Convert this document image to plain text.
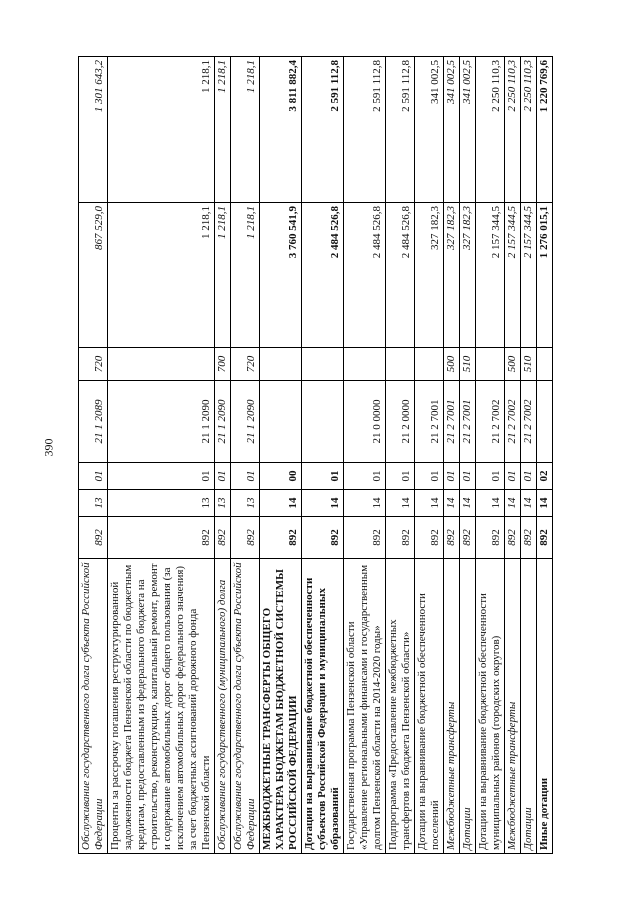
390
Обслуживание государственного долга субъекта Российской Федерации	892	13	01	21 1 2089	720	867 529,0	1 301 643,2
Проценты за рассрочку погашения реструктурированной задолженности бюджета Пензенской области по бюджетным кредитам, предоставленным из федерального бюджета на строительство, реконструкцию, капитальный ремонт, ремонт и содержание автомобильных дорог общего пользования (за исключением автомобильных дорог федерального значения) за счет бюджетных ассигнований дорожного фонда Пензенской области	892	13	01	21 1 2090		1 218,1	1 218,1
Обслуживание государственного (муниципального) долга	892	13	01	21 1 2090	700	1 218,1	1 218,1
Обслуживание государственного долга субъекта Российской Федерации	892	13	01	21 1 2090	720	1 218,1	1 218,1
МЕЖБЮДЖЕТНЫЕ ТРАНСФЕРТЫ ОБЩЕГО ХАРАКТЕРА БЮДЖЕТАМ БЮДЖЕТНОЙ СИСТЕМЫ РОССИЙСКОЙ ФЕДЕРАЦИИ	892	14	00			3 760 541,9	3 811 882,4
Дотации на выравнивание бюджетной обеспеченности субъектов Российской Федерации и муниципальных образований	892	14	01			2 484 526,8	2 591 112,8
Государственная программа Пензенской области «Управление региональными финансами и государственным долгом Пензенской области на 2014-2020 годы»	892	14	01	21 0 0000		2 484 526,8	2 591 112,8
Подпрограмма «Предоставление межбюджетных трансфертов из бюджета Пензенской области»	892	14	01	21 2 0000		2 484 526,8	2 591 112,8
Дотации на выравнивание бюджетной обеспеченности поселений	892	14	01	21 2 7001		327 182,3	341 002,5
Межбюджетные трансферты	892	14	01	21 2 7001	500	327 182,3	341 002,5
Дотации	892	14	01	21 2 7001	510	327 182,3	341 002,5
Дотации на выравнивание бюджетной обеспеченности муниципальных районов (городских округов)	892	14	01	21 2 7002		2 157 344,5	2 250 110,3
Межбюджетные трансферты	892	14	01	21 2 7002	500	2 157 344,5	2 250 110,3
Дотации	892	14	01	21 2 7002	510	2 157 344,5	2 250 110,3
Иные дотации	892	14	02			1 276 015,1	1 220 769,6
